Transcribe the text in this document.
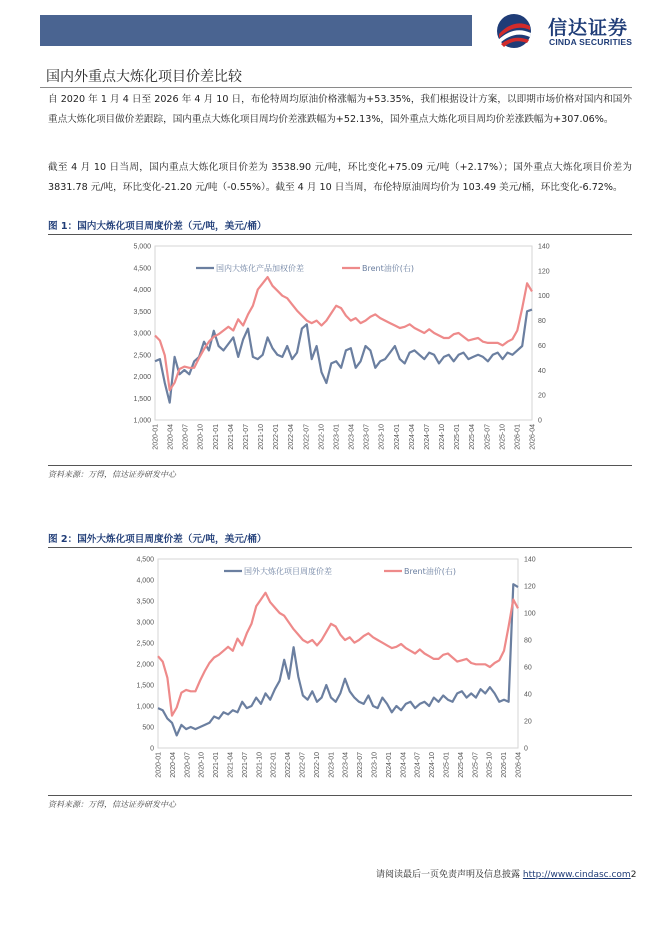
信达证券
CINDA SECURITIES
国内外重点大炼化项目价差比较
自 2020 年 1 月 4 日至 2026 年 4 月 10 日，布伦特周均原油价格涨幅为+53.35%，我们根据设计方案，以即期市场价格对国内和国外重点大炼化项目做价差跟踪，国内重点大炼化项目周均价差涨跌幅为+52.13%，国外重点大炼化项目周均价差涨跌幅为+307.06%。
截至 4 月 10 日当周，国内重点大炼化项目价差为 3538.90 元/吨，环比变化+75.09 元/吨（+2.17%）；国外重点大炼化项目价差为 3831.78 元/吨，环比变化-21.20 元/吨（-0.55%）。截至 4 月 10 日当周，布伦特原油周均价为 103.49 美元/桶，环比变化-6.72%。
图 1：国内大炼化项目周度价差（元/吨，美元/桶）
1,000
1,500
2,000
2,500
3,000
3,500
4,000
4,500
5,000
0
20
40
60
80
100
120
140
2020-01 2020-04 2020-07 2020-10 2021-01 2021-04 2021-07 2021-10 2022-01 2022-04 2022-07 2022-10 2023-01 2023-04 2023-07 2023-10 2024-01 2024-04 2024-07 2024-10 2025-01 2025-04 2025-07 2025-10 2026-01 2026-04
国内大炼化产品加权价差	Brent油价(右)
资料来源：万得，信达证券研发中心
图 2：国外大炼化项目周度价差（元/吨，美元/桶）
0
500
1,000
1,500
2,000
2,500
3,000
3,500
4,000
4,500
0
20
40
60
80
100
120
140
2020-01 2020-04 2020-07 2020-10 2021-01 2021-04 2021-07 2021-10 2022-01 2022-04 2022-07 2022-10 2023-01 2023-04 2023-07 2023-10 2024-01 2024-04 2024-07 2024-10 2025-01 2025-04 2025-07 2025-10 2026-01 2026-04
国外大炼化项目周度价差	Brent油价(右)
资料来源：万得，信达证券研发中心
请阅读最后一页免责声明及信息披露 http://www.cindasc.com2
